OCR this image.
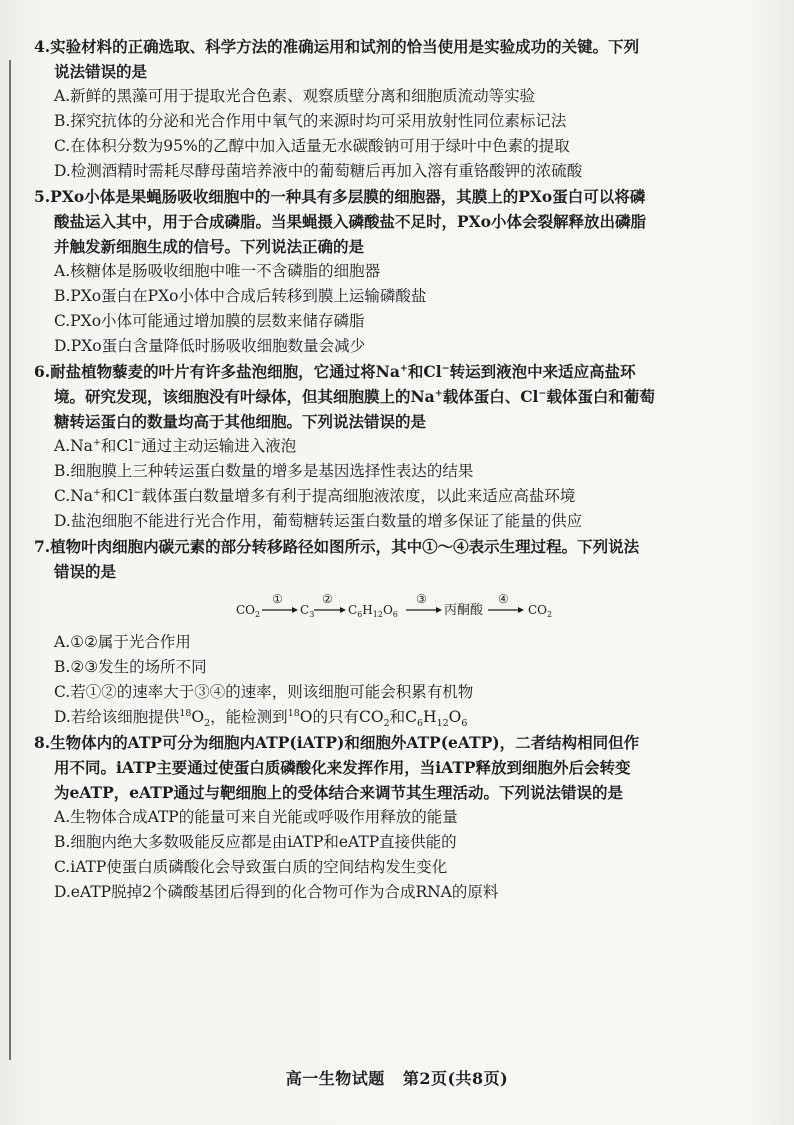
4.实验材料的正确选取、科学方法的准确运用和试剂的恰当使用是实验成功的关键。下列
说法错误的是
A.新鲜的黑藻可用于提取光合色素、观察质壁分离和细胞质流动等实验
B.探究抗体的分泌和光合作用中氧气的来源时均可采用放射性同位素标记法
C.在体积分数为95%的乙醇中加入适量无水碳酸钠可用于绿叶中色素的提取
D.检测酒精时需耗尽酵母菌培养液中的葡萄糖后再加入溶有重铬酸钾的浓硫酸
5.PXo小体是果蝇肠吸收细胞中的一种具有多层膜的细胞器，其膜上的PXo蛋白可以将磷
酸盐运入其中，用于合成磷脂。当果蝇摄入磷酸盐不足时，PXo小体会裂解释放出磷脂
并触发新细胞生成的信号。下列说法正确的是
A.核糖体是肠吸收细胞中唯一不含磷脂的细胞器
B.PXo蛋白在PXo小体中合成后转移到膜上运输磷酸盐
C.PXo小体可能通过增加膜的层数来储存磷脂
D.PXo蛋白含量降低时肠吸收细胞数量会减少
6.耐盐植物藜麦的叶片有许多盐泡细胞，它通过将Na+和Cl−转运到液泡中来适应高盐环
境。研究发现，该细胞没有叶绿体，但其细胞膜上的Na+载体蛋白、Cl−载体蛋白和葡萄
糖转运蛋白的数量均高于其他细胞。下列说法错误的是
A.Na+和Cl−通过主动运输进入液泡
B.细胞膜上三种转运蛋白数量的增多是基因选择性表达的结果
C.Na+和Cl−载体蛋白数量增多有利于提高细胞液浓度，以此来适应高盐环境
D.盐泡细胞不能进行光合作用，葡萄糖转运蛋白数量的增多保证了能量的供应
7.植物叶肉细胞内碳元素的部分转移路径如图所示，其中①～④表示生理过程。下列说法
错误的是
$CO_2$
①
$C_3$
②
$C_6H_{12}O_6$
③
丙酮酸
④
$CO_2$
A.①②属于光合作用
B.②③发生的场所不同
C.若①②的速率大于③④的速率，则该细胞可能会积累有机物
D.若给该细胞提供$^{18}O_2$，能检测到$^{18}$O的只有$CO_2$和$C_6H_{12}O_6$
8.生物体内的ATP可分为细胞内ATP(iATP)和细胞外ATP(eATP)，二者结构相同但作
用不同。iATP主要通过使蛋白质磷酸化来发挥作用，当iATP释放到细胞外后会转变
为eATP，eATP通过与靶细胞上的受体结合来调节其生理活动。下列说法错误的是
A.生物体合成ATP的能量可来自光能或呼吸作用释放的能量
B.细胞内绝大多数吸能反应都是由iATP和eATP直接供能的
C.iATP使蛋白质磷酸化会导致蛋白质的空间结构发生变化
D.eATP脱掉2个磷酸基团后得到的化合物可作为合成RNA的原料
高一生物试题 第2页(共8页)
